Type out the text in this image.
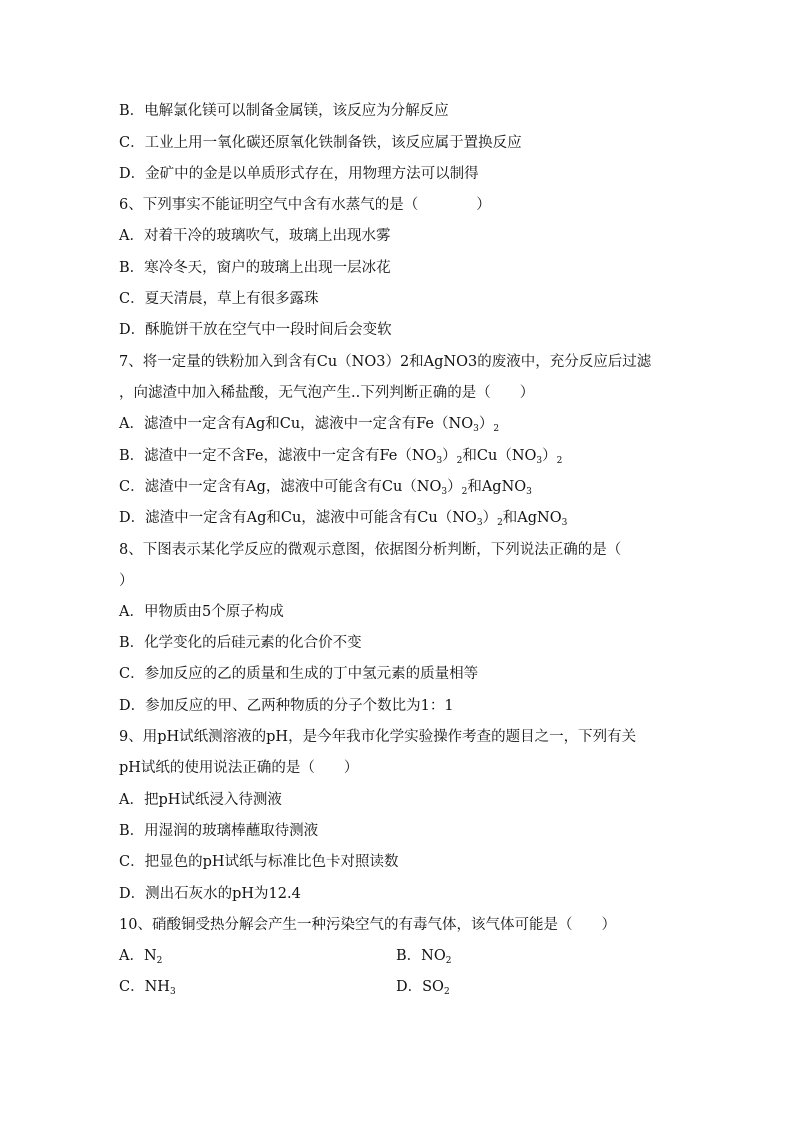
B．电解氯化镁可以制备金属镁，该反应为分解反应
C．工业上用一氧化碳还原氧化铁制备铁，该反应属于置换反应
D．金矿中的金是以单质形式存在，用物理方法可以制得
6、下列事实不能证明空气中含有水蒸气的是（　　　　）
A．对着干冷的玻璃吹气，玻璃上出现水雾
B．寒冷冬天，窗户的玻璃上出现一层冰花
C．夏天清晨，草上有很多露珠
D．酥脆饼干放在空气中一段时间后会变软
7、将一定量的铁粉加入到含有Cu（NO3）2和AgNO3的废液中，充分反应后过滤
，向滤渣中加入稀盐酸，无气泡产生..下列判断正确的是（　　）
A．滤渣中一定含有Ag和Cu，滤液中一定含有$Fe(NO_3)_2$
B．滤渣中一定不含Fe，滤液中一定含有$Fe(NO_3)_2$和$Cu(NO_3)_2$
C．滤渣中一定含有Ag，滤液中可能含有$Cu(NO_3)_2$和AgNO$_3$
D．滤渣中一定含有Ag和Cu，滤液中可能含有$Cu(NO_3)_2$和AgNO$_3$
8、下图表示某化学反应的微观示意图，依据图分析判断，下列说法正确的是（
）
A．甲物质由5个原子构成
B．化学变化的后硅元素的化合价不变
C．参加反应的乙的质量和生成的丁中氢元素的质量相等
D．参加反应的甲、乙两种物质的分子个数比为1：1
9、用pH试纸测溶液的pH，是今年我市化学实验操作考查的题目之一，下列有关
pH试纸的使用说法正确的是（　　）
A．把pH试纸浸入待测液
B．用湿润的玻璃棒蘸取待测液
C．把显色的pH试纸与标准比色卡对照读数
D．测出石灰水的pH为12.4
10、硝酸铜受热分解会产生一种污染空气的有毒气体，该气体可能是（　　）
A．$N_2$	B．$NO_2$
C．$NH_3$	D．$SO_2$
